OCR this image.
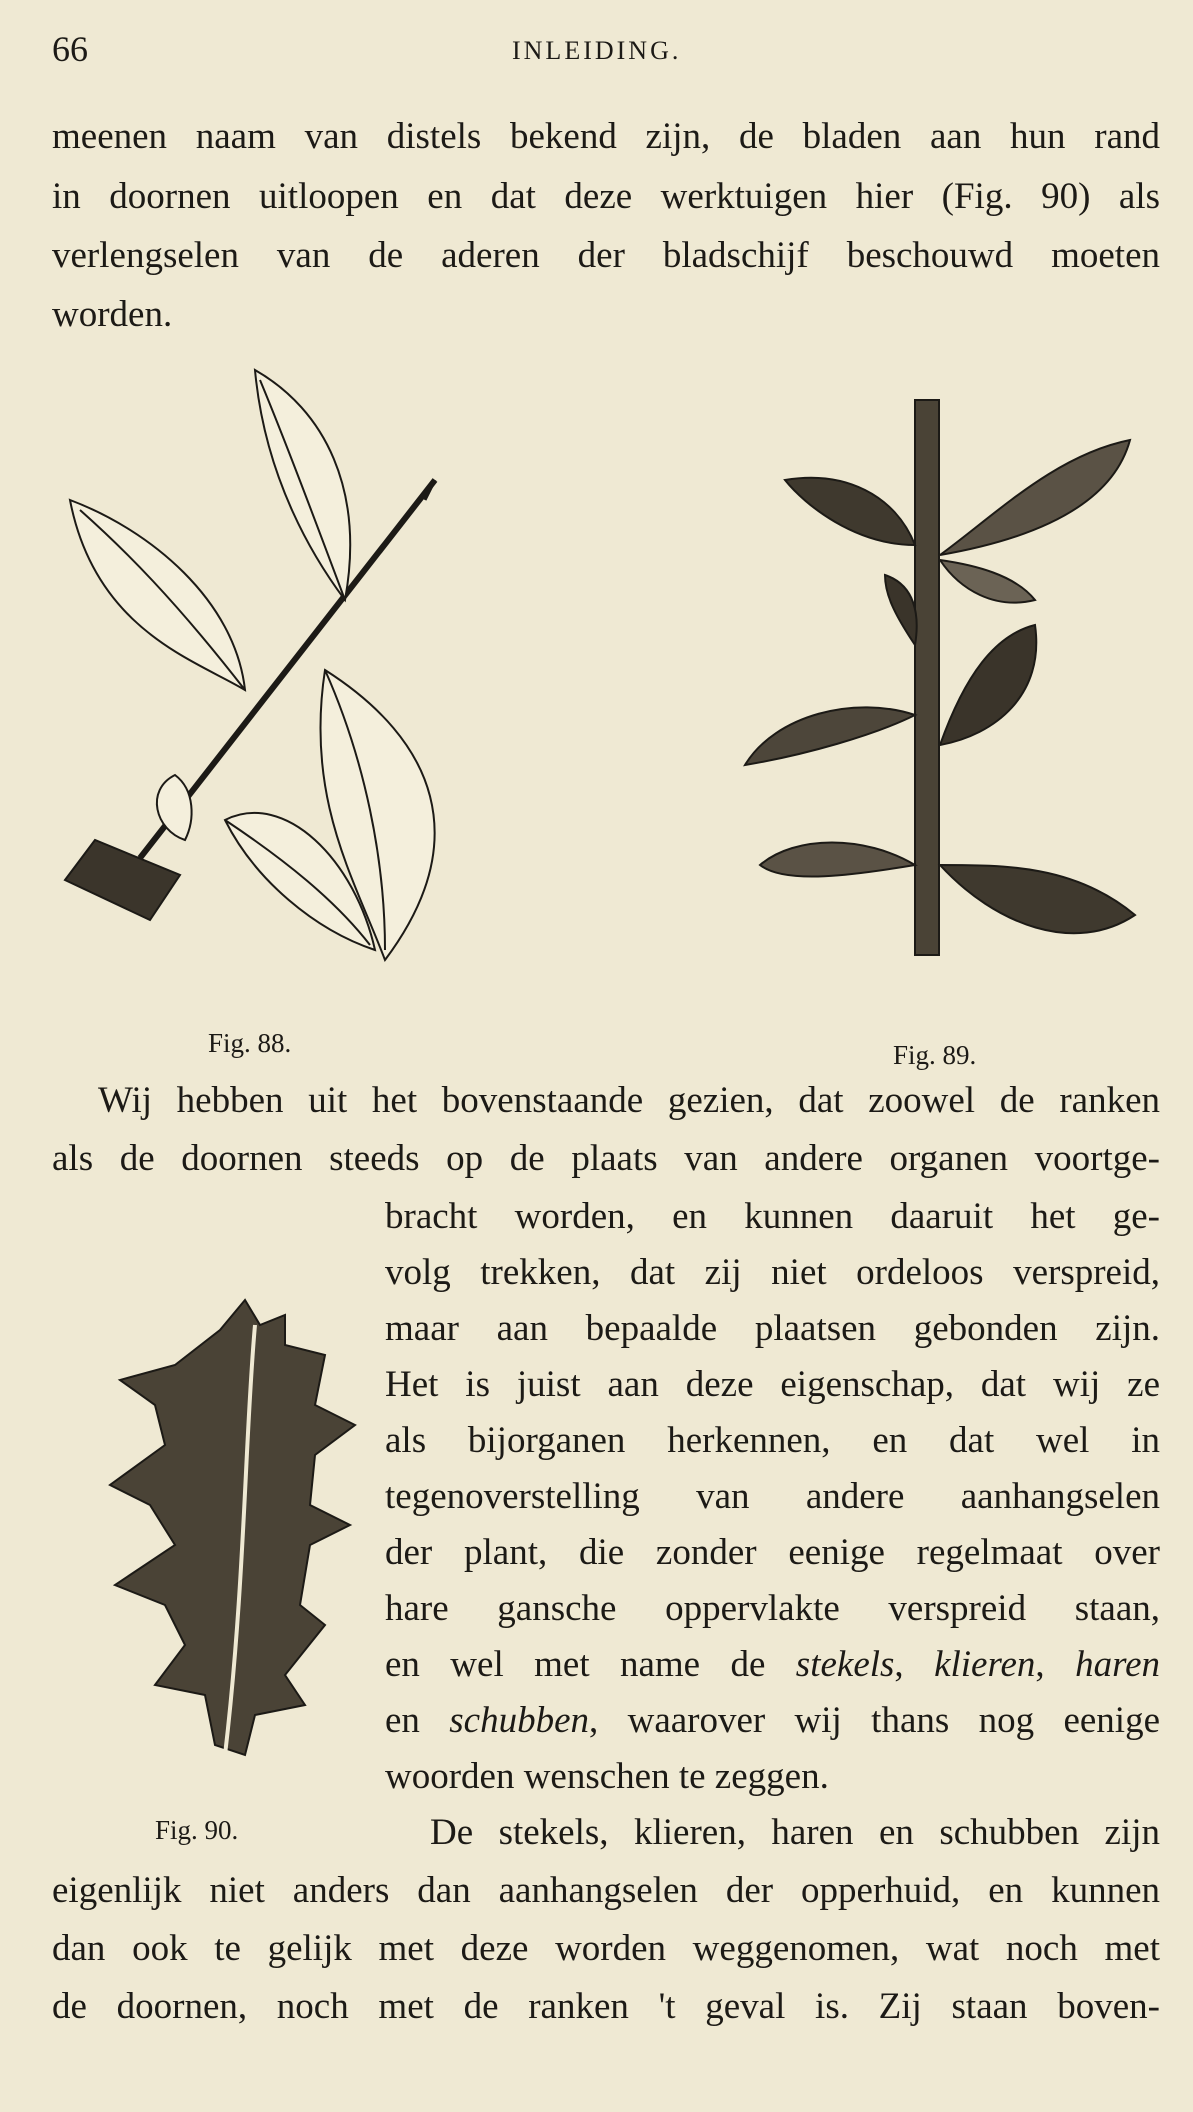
66	INLEIDING.
meenen naam van distels bekend zijn, de bladen aan hun rand
in doornen uitloopen en dat deze werktuigen hier (Fig. 90) als
verlengselen van de aderen der bladschijf beschouwd moeten
worden.
Fig. 88.	Fig. 89.
Wij hebben uit het bovenstaande gezien, dat zoowel de ranken
als de doornen steeds op de plaats van andere organen voortge-
bracht worden, en kunnen daaruit het ge-
volg trekken, dat zij niet ordeloos verspreid,
maar aan bepaalde plaatsen gebonden zijn.
Het is juist aan deze eigenschap, dat wij ze
als bijorganen herkennen, en dat wel in
tegenoverstelling van andere aanhangselen
der plant, die zonder eenige regelmaat over
hare gansche oppervlakte verspreid staan,
en wel met name de stekels, klieren, haren
en schubben, waarover wij thans nog eenige
woorden wenschen te zeggen.
Fig. 90.	De stekels, klieren, haren en schubben zijn
eigenlijk niet anders dan aanhangselen der opperhuid, en kunnen
dan ook te gelijk met deze worden weggenomen, wat noch met
de doornen, noch met de ranken 't geval is. Zij staan boven-
